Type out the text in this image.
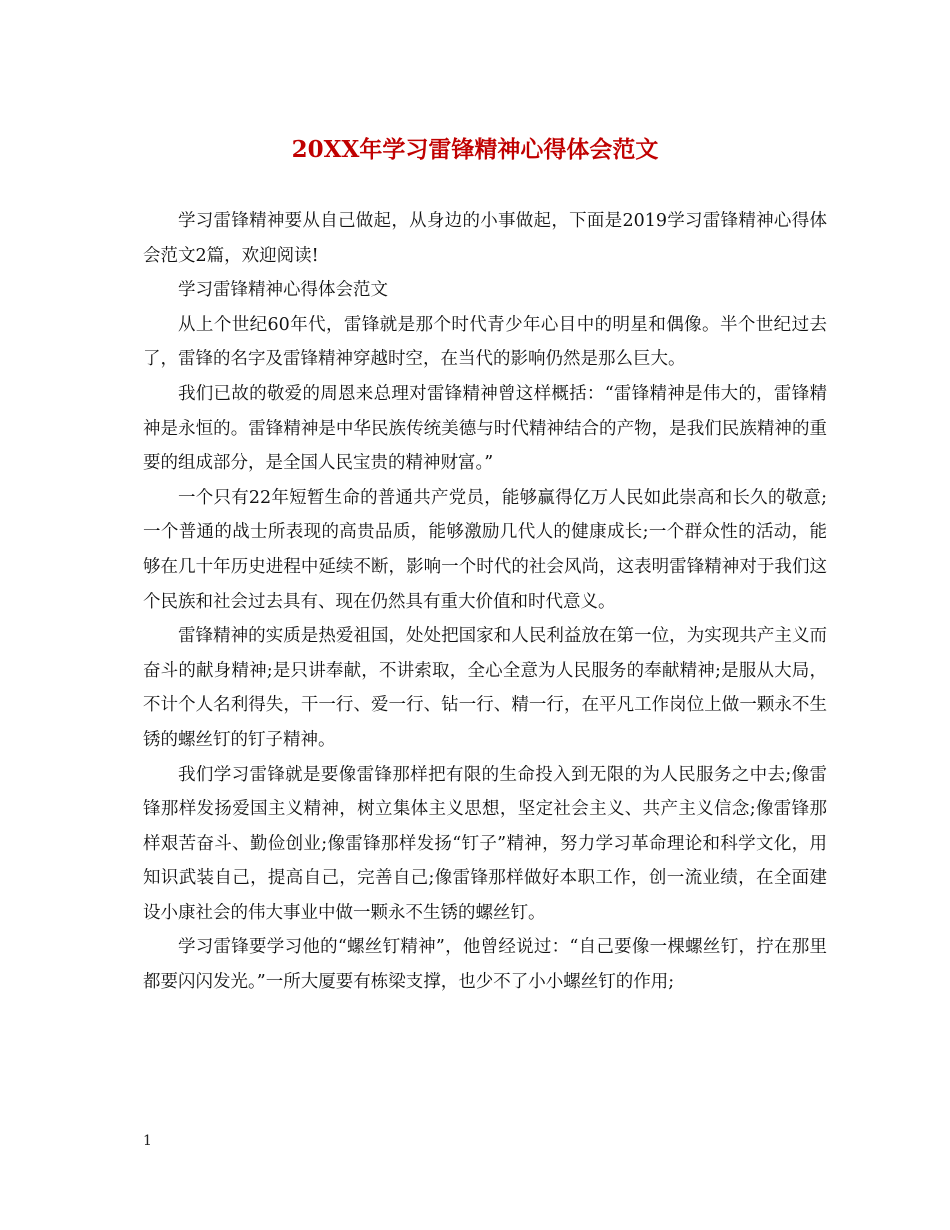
20XX年学习雷锋精神心得体会范文

学习雷锋精神要从自己做起，从身边的小事做起，下面是2019学习雷锋精神心得体会范文2篇，欢迎阅读!

学习雷锋精神心得体会范文

从上个世纪60年代，雷锋就是那个时代青少年心目中的明星和偶像。半个世纪过去了，雷锋的名字及雷锋精神穿越时空，在当代的影响仍然是那么巨大。

我们已故的敬爱的周恩来总理对雷锋精神曾这样概括：“雷锋精神是伟大的，雷锋精神是永恒的。雷锋精神是中华民族传统美德与时代精神结合的产物，是我们民族精神的重要的组成部分，是全国人民宝贵的精神财富。”

一个只有22年短暂生命的普通共产党员，能够赢得亿万人民如此崇高和长久的敬意;一个普通的战士所表现的高贵品质，能够激励几代人的健康成长;一个群众性的活动，能够在几十年历史进程中延续不断，影响一个时代的社会风尚，这表明雷锋精神对于我们这个民族和社会过去具有、现在仍然具有重大价值和时代意义。

雷锋精神的实质是热爱祖国，处处把国家和人民利益放在第一位，为实现共产主义而奋斗的献身精神;是只讲奉献，不讲索取，全心全意为人民服务的奉献精神;是服从大局，不计个人名利得失，干一行、爱一行、钻一行、精一行，在平凡工作岗位上做一颗永不生锈的螺丝钉的钉子精神。

我们学习雷锋就是要像雷锋那样把有限的生命投入到无限的为人民服务之中去;像雷锋那样发扬爱国主义精神，树立集体主义思想，坚定社会主义、共产主义信念;像雷锋那样艰苦奋斗、勤俭创业;像雷锋那样发扬“钉子”精神，努力学习革命理论和科学文化，用知识武装自己，提高自己，完善自己;像雷锋那样做好本职工作，创一流业绩，在全面建设小康社会的伟大事业中做一颗永不生锈的螺丝钉。

学习雷锋要学习他的“螺丝钉精神”，他曾经说过：“自己要像一棵螺丝钉，拧在那里都要闪闪发光。”一所大厦要有栋梁支撑，也少不了小小螺丝钉的作用;

1
